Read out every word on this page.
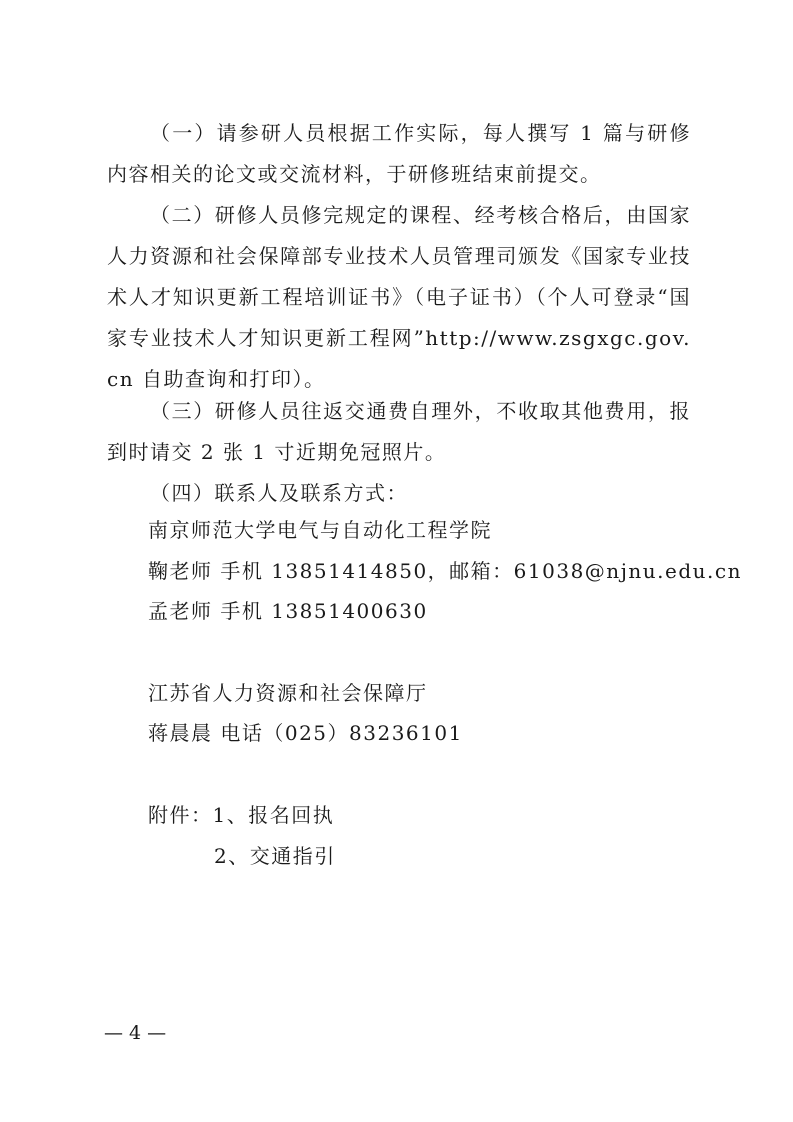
（一）请参研人员根据工作实际，每人撰写 1 篇与研修内容相关的论文或交流材料，于研修班结束前提交。

（二）研修人员修完规定的课程、经考核合格后，由国家人力资源和社会保障部专业技术人员管理司颁发《国家专业技术人才知识更新工程培训证书》（电子证书）（个人可登录“国家专业技术人才知识更新工程网”http://www.zsgxgc.gov.cn 自助查询和打印）。

（三）研修人员往返交通费自理外，不收取其他费用，报到时请交 2 张 1 寸近期免冠照片。

（四）联系人及联系方式：

南京师范大学电气与自动化工程学院

鞠老师 手机 13851414850，邮箱：61038@njnu.edu.cn

孟老师 手机 13851400630

江苏省人力资源和社会保障厅

蒋晨晨 电话（025）83236101

附件：1、报名回执

2、交通指引

— 4 —
